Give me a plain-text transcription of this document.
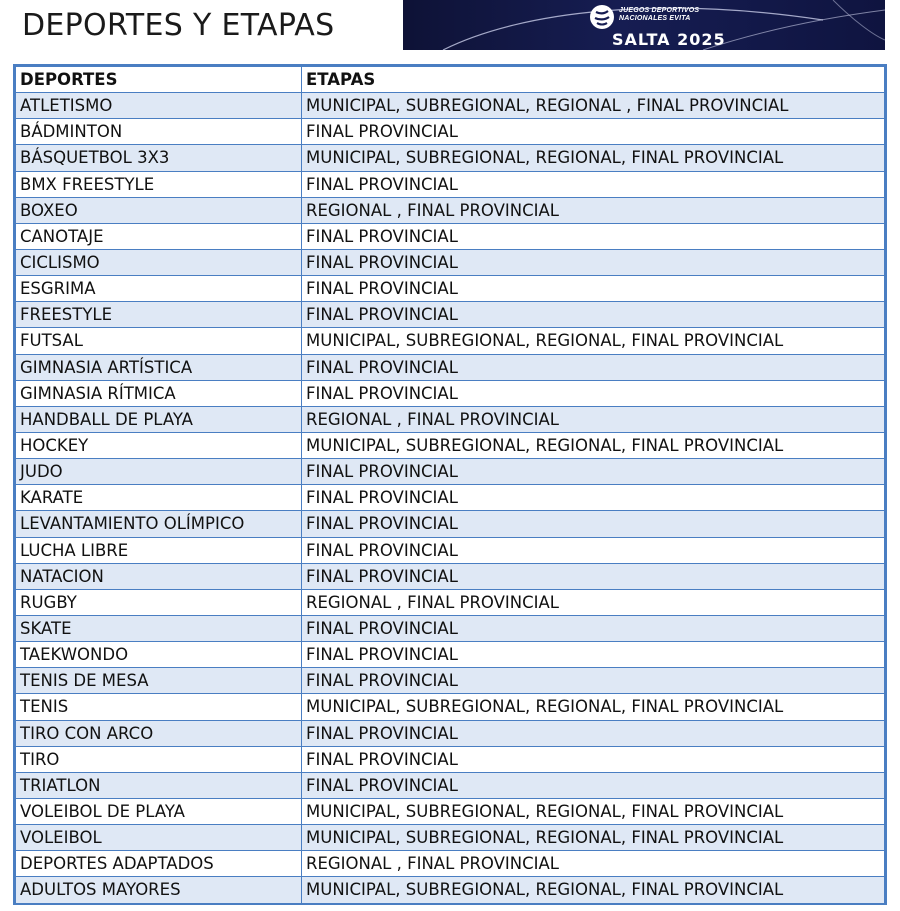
DEPORTES Y ETAPAS	JUEGOS DEPORTIVOS
NACIONALES EVITA
SALTA 2025
DEPORTES	ETAPAS
ATLETISMO	MUNICIPAL, SUBREGIONAL, REGIONAL , FINAL PROVINCIAL
BÁDMINTON	FINAL PROVINCIAL
BÁSQUETBOL 3X3	MUNICIPAL, SUBREGIONAL, REGIONAL, FINAL PROVINCIAL
BMX FREESTYLE	FINAL PROVINCIAL
BOXEO	REGIONAL , FINAL PROVINCIAL
CANOTAJE	FINAL PROVINCIAL
CICLISMO	FINAL PROVINCIAL
ESGRIMA	FINAL PROVINCIAL
FREESTYLE	FINAL PROVINCIAL
FUTSAL	MUNICIPAL, SUBREGIONAL, REGIONAL, FINAL PROVINCIAL
GIMNASIA ARTÍSTICA	FINAL PROVINCIAL
GIMNASIA RÍTMICA	FINAL PROVINCIAL
HANDBALL DE PLAYA	REGIONAL , FINAL PROVINCIAL
HOCKEY	MUNICIPAL, SUBREGIONAL, REGIONAL, FINAL PROVINCIAL
JUDO	FINAL PROVINCIAL
KARATE	FINAL PROVINCIAL
LEVANTAMIENTO OLÍMPICO	FINAL PROVINCIAL
LUCHA LIBRE	FINAL PROVINCIAL
NATACION	FINAL PROVINCIAL
RUGBY	REGIONAL , FINAL PROVINCIAL
SKATE	FINAL PROVINCIAL
TAEKWONDO	FINAL PROVINCIAL
TENIS DE MESA	FINAL PROVINCIAL
TENIS	MUNICIPAL, SUBREGIONAL, REGIONAL, FINAL PROVINCIAL
TIRO CON ARCO	FINAL PROVINCIAL
TIRO	FINAL PROVINCIAL
TRIATLON	FINAL PROVINCIAL
VOLEIBOL DE PLAYA	MUNICIPAL, SUBREGIONAL, REGIONAL, FINAL PROVINCIAL
VOLEIBOL	MUNICIPAL, SUBREGIONAL, REGIONAL, FINAL PROVINCIAL
DEPORTES ADAPTADOS	REGIONAL , FINAL PROVINCIAL
ADULTOS MAYORES	MUNICIPAL, SUBREGIONAL, REGIONAL, FINAL PROVINCIAL
